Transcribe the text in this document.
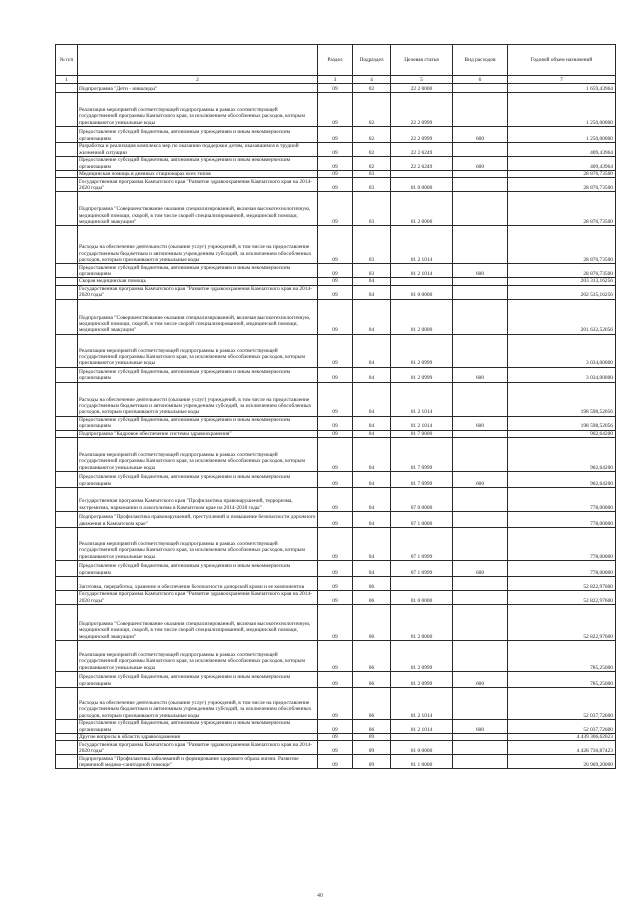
№ п/п		Раздел	Подраздел	Целевая статья	Вид расходов	Годовой объем назначений
1	2	3	4	5	6	7
	Подпрограмма "Дети - инвалиды"	09	02	22 2 0000		1 659,43964
	Реализация мероприятий соответствующей подпрограммы в рамках соответствующей государственной программы Камчатского края, за исключением обособленных расходов, которым присваиваются уникальные коды	09	02	22 2 0999		1 250,00000
	Предоставление субсидий бюджетным, автономным учреждениям и иным некоммерческим организациям	09	02	22 2 0999	600	1 250,00000
	Разработка и реализация комплекса мер по оказанию поддержки детям, оказавшимся в трудной жизненной ситуации	09	02	22 2 6249		409,43964
	Предоставление субсидий бюджетным, автономным учреждениям и иным некоммерческим организациям	09	02	22 2 6249	600	409,43964
	Медицинская помощь в дневных стационарах всех типов	09	03			28 876,73500
	Государственная программа Камчатского края "Развитие здравоохранения Камчатского края на 2014-2020 годы"	09	03	01 0 0000		28 876,73500
	Подпрограмма "Совершенствование оказания специализированной, включая высокотехнологичную, медицинской помощи, скорой, в том числе скорой специализированной, медицинской помощи, медицинской эвакуации"	09	03	01 2 0000		28 876,73500
	Расходы на обеспечение деятельности (оказание услуг) учреждений, в том числе на предоставление государственным бюджетным и автономным учреждениям субсидий, за исключением обособленных расходов, которым присваиваются уникальные коды	09	03	01 2 1014		28 876,73500
	Предоставление субсидий бюджетным, автономным учреждениям и иным некоммерческим организациям	09	03	01 2 1014	600	28 876,73500
	Скорая медицинская помощь	09	04			203 313,16256
	Государственная программа Камчатского края "Развитие здравоохранения Камчатского края на 2014-2020 годы"	09	04	01 0 0000		202 535,16256
	Подпрограмма "Совершенствование оказания специализированной, включая высокотехнологичную, медицинской помощи, скорой, в том числе скорой специализированной, медицинской помощи, медицинской эвакуации"	09	04	01 2 0000		201 632,52056
	Реализация мероприятий соответствующей подпрограммы в рамках соответствующей государственной программы Камчатского края, за исключением обособленных расходов, которым присваиваются уникальные коды	09	04	01 2 0999		3 034,00000
	Предоставление субсидий бюджетным, автономным учреждениям и иным некоммерческим организациям	09	04	01 2 0999	600	3 034,00000
	Расходы на обеспечение деятельности (оказание услуг) учреждений, в том числе на предоставление государственным бюджетным и автономным учреждениям субсидий, за исключением обособленных расходов, которым присваиваются уникальные коды	09	04	01 2 1014		198 598,52056
	Предоставление субсидий бюджетным, автономным учреждениям и иным некоммерческим организациям	09	04	01 2 1014	600	198 598,52056
	Подпрограмма "Кадровое обеспечение системы здравоохранения"	09	04	01 7 0000		902,64200
	Реализация мероприятий соответствующей подпрограммы в рамках соответствующей государственной программы Камчатского края, за исключением обособленных расходов, которым присваиваются уникальные коды	09	04	01 7 0999		902,64200
	Предоставление субсидий бюджетным, автономным учреждениям и иным некоммерческим организациям	09	04	01 7 0999	600	902,64200
	Государственная программа Камчатского края "Профилактика правонарушений, терроризма, экстремизма, наркомании и алкоголизма в Камчатском крае на 2014-2018 годы"	09	04	07 0 0000		778,00000
	Подпрограмма "Профилактика правонарушений, преступлений и повышение безопасности дорожного движения в Камчатском крае"	09	04	07 1 0000		778,00000
	Реализация мероприятий соответствующей подпрограммы в рамках соответствующей государственной программы Камчатского края, за исключением обособленных расходов, которым присваиваются уникальные коды	09	04	07 1 0999		778,00000
	Предоставление субсидий бюджетным, автономным учреждениям и иным некоммерческим организациям	09	04	07 1 0999	600	778,00000
	Заготовка, переработка, хранение и обеспечение безопасности донорской крови и ее компонентов	09	06			52 822,97600
	Государственная программа Камчатского края "Развитие здравоохранения Камчатского края на 2014-2020 годы"	09	06	01 0 0000		52 822,97600
	Подпрограмма "Совершенствование оказания специализированной, включая высокотехнологичную, медицинской помощи, скорой, в том числе скорой специализированной, медицинской помощи, медицинской эвакуации"	09	06	01 2 0000		52 822,97600
	Реализация мероприятий соответствующей подпрограммы в рамках соответствующей государственной программы Камчатского края, за исключением обособленных расходов, которым присваиваются уникальные коды	09	06	01 2 0999		785,25000
	Предоставление субсидий бюджетным, автономным учреждениям и иным некоммерческим организациям	09	06	01 2 0999	600	785,25000
	Расходы на обеспечение деятельности (оказание услуг) учреждений, в том числе на предоставление государственным бюджетным и автономным учреждениям субсидий, за исключением обособленных расходов, которым присваиваются уникальные коды	09	06	01 2 1014		52 037,72600
	Предоставление субсидий бюджетным, автономным учреждениям и иным некоммерческим организациям	09	06	01 2 1014	600	52 037,72600
	Другие вопросы в области здравоохранения	09	09			4 439 306,62023
	Государственная программа Камчатского края "Развитие здравоохранения Камчатского края на 2014-2020 годы"	09	09	01 0 0000		4 428 736,87423
	Подпрограмма "Профилактика заболеваний и формирование здорового образа жизни. Развитие первичной медико-санитарной помощи"	09	09	01 1 0000		20 969,20000
40
